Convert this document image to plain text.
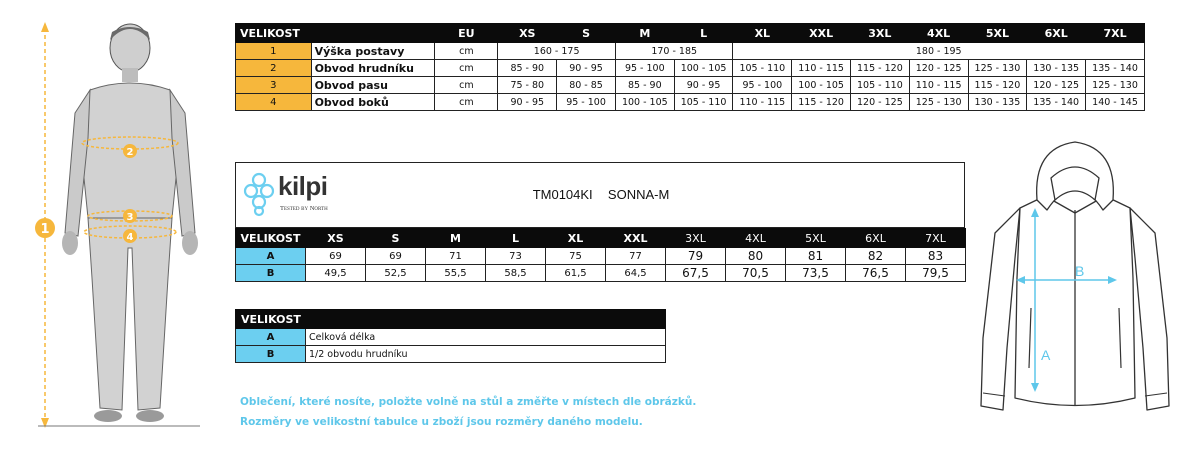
1
2
3
4
VELIKOST		EU	XS	S	M	L	XL	XXL	3XL	4XL	5XL	6XL	7XL
1	Výška postavy	cm	160 - 175		170 - 185		180 - 195						
2	Obvod hrudníku	cm	85 - 90	90 - 95	95 - 100	100 - 105	105 - 110	110 - 115	115 - 120	120 - 125	125 - 130	130 - 135	135 - 140
3	Obvod pasu	cm	75 - 80	80 - 85	85 - 90	90 - 95	95 - 100	100 - 105	105 - 110	110 - 115	115 - 120	120 - 125	125 - 130
4	Obvod boků	cm	90 - 95	95 - 100	100 - 105	105 - 110	110 - 115	115 - 120	120 - 125	125 - 130	130 - 135	135 - 140	140 - 145
kilpi
Tested by North
TM0104KI SONNA-M
VELIKOST	XS	S	M	L	XL	XXL	3XL	4XL	5XL	6XL	7XL
A	69	69	71	73	75	77	79	80	81	82	83
B	49,5	52,5	55,5	58,5	61,5	64,5	67,5	70,5	73,5	76,5	79,5
VELIKOST	
A	Celková délka
B	1/2 obvodu hrudníku
Oblečení, které nosíte, položte volně na stůl a změřte v místech dle obrázků.
Rozměry ve velikostní tabulce u zboží jsou rozměry daného modelu.
A
B
